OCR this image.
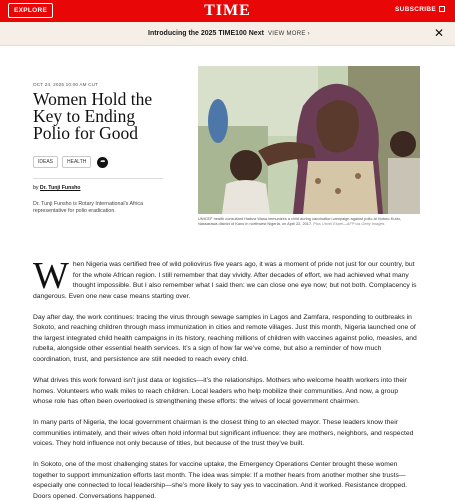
EXPLORE	TIME	SUBSCRIBE
Introducing the 2025 TIME100 Next VIEW MORE ›	✕
OCT 24, 2025 10:00 AM CUT
Women Hold the Key to Ending Polio for Good
IDEAS	HEALTH	➦
by Dr. Tunji Funsho

Dr. Tunji Funsho is Rotary International’s Africa representative for polio eradication.

UNICEF health consultant Hadiza Wasa immunizes a child during vaccination campaign against polio at Hotoro-Kudu, Nassarawa district of Kano in northwest Nigeria, on April 22, 2017. Pius Utomi Ekpei—AFP via Getty Images

When Nigeria was certified free of wild poliovirus five years ago, it was a moment of pride not just for our country, but for the whole African region. I still remember that day vividly. After decades of effort, we had achieved what many thought impossible. But I also remember what I said then: we can close one eye now; but not both. Complacency is dangerous. Even one new case means starting over.

Day after day, the work continues: tracing the virus through sewage samples in Lagos and Zamfara, responding to outbreaks in Sokoto, and reaching children through mass immunization in cities and remote villages. Just this month, Nigeria launched one of the largest integrated child health campaigns in its history, reaching millions of children with vaccines against polio, measles, and rubella, alongside other essential health services. It’s a sign of how far we’ve come, but also a reminder of how much coordination, trust, and persistence are still needed to reach every child.

What drives this work forward isn’t just data or logistics—it’s the relationships. Mothers who welcome health workers into their homes. Volunteers who walk miles to reach children. Local leaders who help mobilize their communities. And now, a group whose role has often been overlooked is strengthening these efforts: the wives of local government chairmen.

In many parts of Nigeria, the local government chairman is the closest thing to an elected mayor. These leaders know their communities intimately, and their wives often hold informal but significant influence: they are mothers, neighbors, and respected voices. They hold influence not only because of titles, but because of the trust they’ve built.

In Sokoto, one of the most challenging states for vaccine uptake, the Emergency Operations Center brought these women together to support immunization efforts last month. The idea was simple: If a mother hears from another mother she trusts—especially one connected to local leadership—she’s more likely to say yes to vaccination. And it worked. Resistance dropped. Doors opened. Conversations happened.
